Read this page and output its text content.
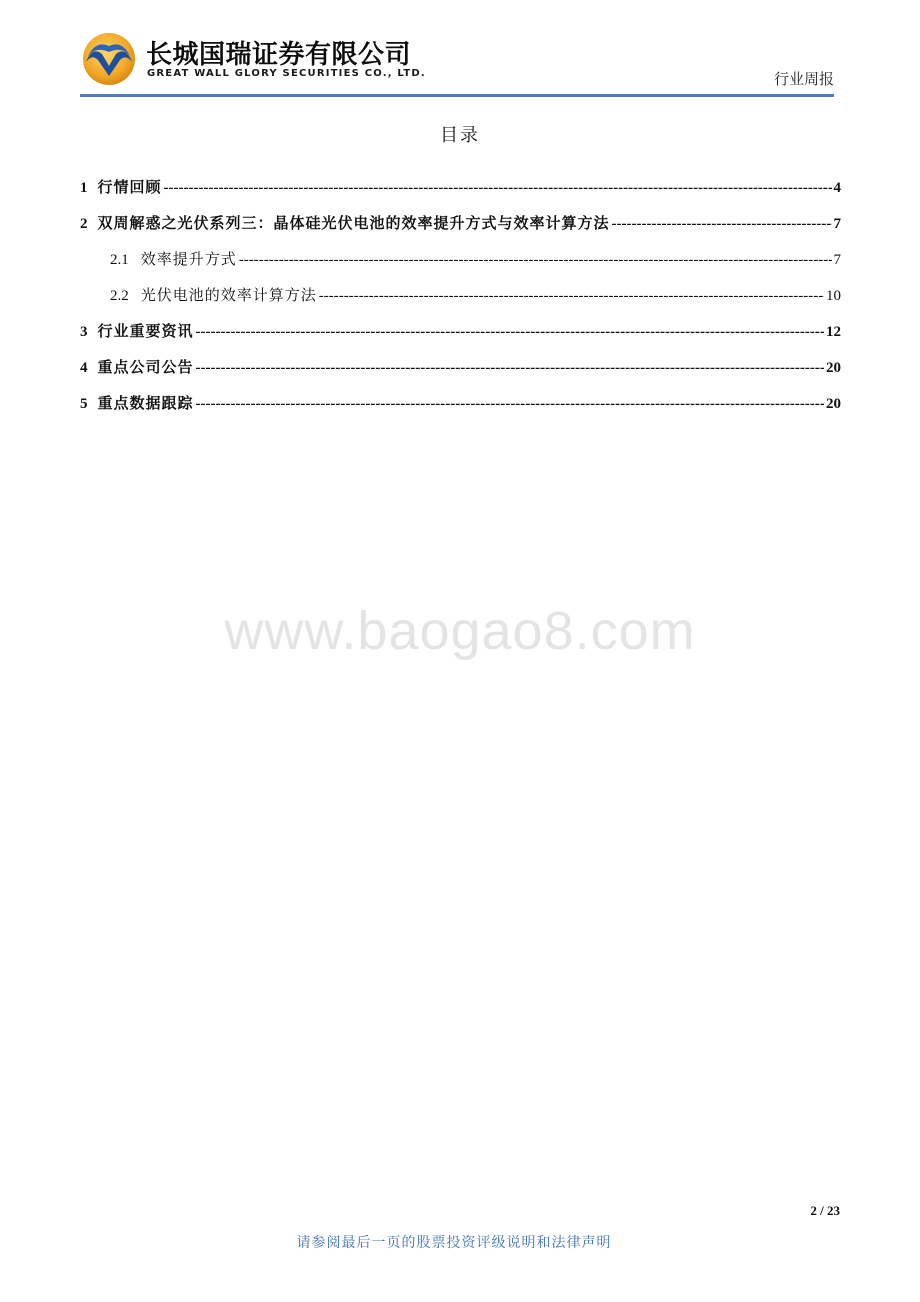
长城国瑞证券有限公司
GREAT WALL GLORY SECURITIES CO., LTD.	行业周报
目录
1 行情回顾 -----	4
2 双周解惑之光伏系列三：晶体硅光伏电池的效率提升方式与效率计算方法 -----	7
2.1 效率提升方式 -----	7
2.2 光伏电池的效率计算方法 -----	10
3 行业重要资讯 -----	12
4 重点公司公告 -----	20
5 重点数据跟踪 -----	20
www.baogao8.com
2 / 23
请参阅最后一页的股票投资评级说明和法律声明
